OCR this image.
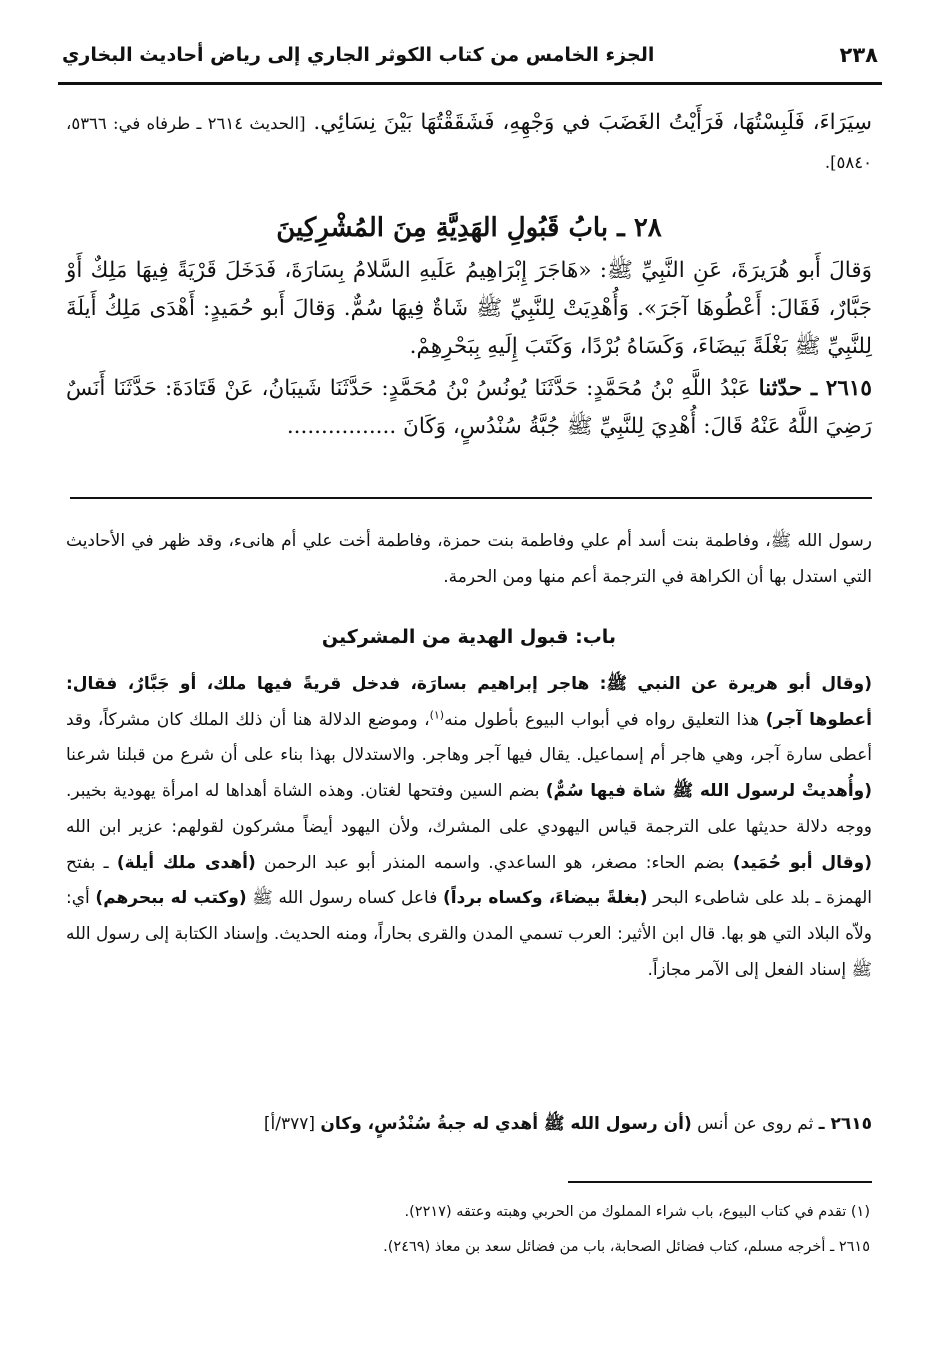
٢٣٨
الجزء الخامس من كتاب الكوثر الجاري إلى رياض أحاديث البخاري

سِيَرَاءَ، فَلَبِسْتُهَا، فَرَأَيْتُ الغَضَبَ في وَجْهِهِ، فَشَقَقْتُهَا بَيْنَ نِسَائِي. [الحديث ٢٦١٤ ـ طرفاه في: ٥٣٦٦، ٥٨٤٠].

٢٨ ـ بابُ قَبُولِ الهَدِيَّةِ مِنَ المُشْرِكِينَ

وَقالَ أَبو هُرَيرَةَ، عَنِ النَّبِيِّ ﷺ: «هَاجَرَ إِبْرَاهِيمُ عَلَيهِ السَّلامُ بِسَارَةَ، فَدَخَلَ قَرْيَةً فِيهَا مَلِكٌ أَوْ جَبَّارٌ، فَقَالَ: أَعْطُوهَا آجَرَ». وَأُهْدِيَتْ لِلنَّبِيِّ ﷺ شَاةٌ فِيهَا سُمٌّ. وَقالَ أَبو حُمَيدٍ: أَهْدَى مَلِكُ أَيلَةَ لِلنَّبِيِّ ﷺ بَغْلَةً بَيضَاءَ، وَكَسَاهُ بُرْدًا، وَكَتَبَ إِلَيهِ بِبَحْرِهِمْ.

٢٦١٥ ـ حدّثنا عَبْدُ اللَّهِ بْنُ مُحَمَّدٍ: حَدَّثَنَا يُونُسُ بْنُ مُحَمَّدٍ: حَدَّثَنَا شَيبَانُ، عَنْ قَتَادَةَ: حَدَّثَنَا أَنَسٌ رَضِيَ اللَّهُ عَنْهُ قَالَ: أُهْدِيَ لِلنَّبِيِّ ﷺ جُبَّةُ سُنْدُسٍ، وَكَانَ ................

رسول الله ﷺ، وفاطمة بنت أسد أم علي وفاطمة بنت حمزة، وفاطمة أخت علي أم هانىء، وقد ظهر في الأحاديث التي استدل بها أن الكراهة في الترجمة أعم منها ومن الحرمة.

باب: قبول الهدية من المشركين

(وقال أبو هريرة عن النبي ﷺ: هاجر إبراهيم بسارَة، فدخل قريةً فيها ملك، أو جَبَّارٌ، فقال: أعطوها آجر) هذا التعليق رواه في أبواب البيوع بأطول منه$^{(١)}$، وموضع الدلالة هنا أن ذلك الملك كان مشركاً، وقد أعطى سارة آجر، وهي هاجر أم إسماعيل. يقال فيها آجر وهاجر. والاستدلال بهذا بناء على أن شرع من قبلنا شرعنا (وأُهديتْ لرسول الله ﷺ شاة فيها سُمٌّ) بضم السين وفتحها لغتان. وهذه الشاة أهداها له امرأة يهودية بخيبر. ووجه دلالة حديثها على الترجمة قياس اليهودي على المشرك، ولأن اليهود أيضاً مشركون لقولهم: عزير ابن الله (وقال أبو حُمَيد) بضم الحاء: مصغر، هو الساعدي. واسمه المنذر أبو عبد الرحمن (أهدى ملك أيلة) ـ بفتح الهمزة ـ بلد على شاطىء البحر (بغلةً بيضاءَ، وكساه برداً) فاعل كساه رسول الله ﷺ (وكتب له ببحرهم) أي: ولاّه البلاد التي هو بها. قال ابن الأثير: العرب تسمي المدن والقرى بحاراً، ومنه الحديث. وإسناد الكتابة إلى رسول الله ﷺ إسناد الفعل إلى الآمر مجازاً.

٢٦١٥ ـ ثم روى عن أنس (أن رسول الله ﷺ أهدي له جبةُ سُنْدُسٍ، وكان [٣٧٧/أ]

(١) تقدم في كتاب البيوع، باب شراء المملوك من الحربي وهبته وعتقه (٢٢١٧).

٢٦١٥ ـ أخرجه مسلم، كتاب فضائل الصحابة، باب من فضائل سعد بن معاذ (٢٤٦٩).
